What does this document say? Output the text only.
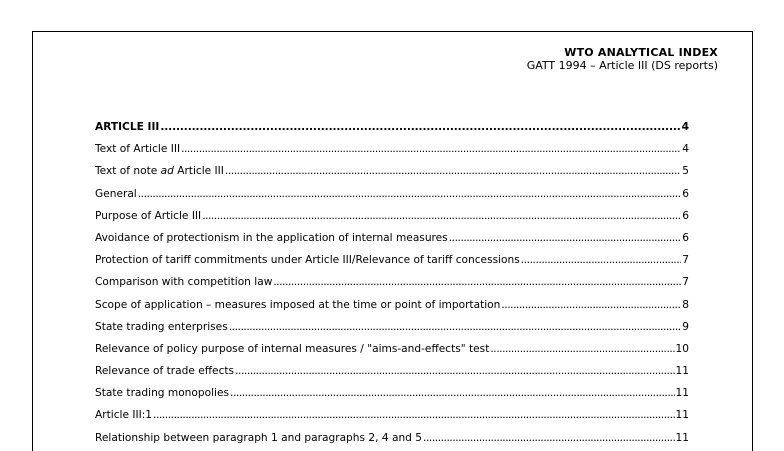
WTO ANALYTICAL INDEX
GATT 1994 – Article III (DS reports)
ARTICLE III . . .	4
Text of Article III . . .	4
Text of note ad Article III . . .	5
General . . .	6
Purpose of Article III . . .	6
Avoidance of protectionism in the application of internal measures . . .	6
Protection of tariff commitments under Article III/Relevance of tariff concessions . . .	7
Comparison with competition law . . .	7
Scope of application – measures imposed at the time or point of importation . . .	8
State trading enterprises . . .	9
Relevance of policy purpose of internal measures / "aims-and-effects" test . . .	10
Relevance of trade effects . . .	11
State trading monopolies . . .	11
Article III:1 . . .	11
Relationship between paragraph 1 and paragraphs 2, 4 and 5 . . .	11
